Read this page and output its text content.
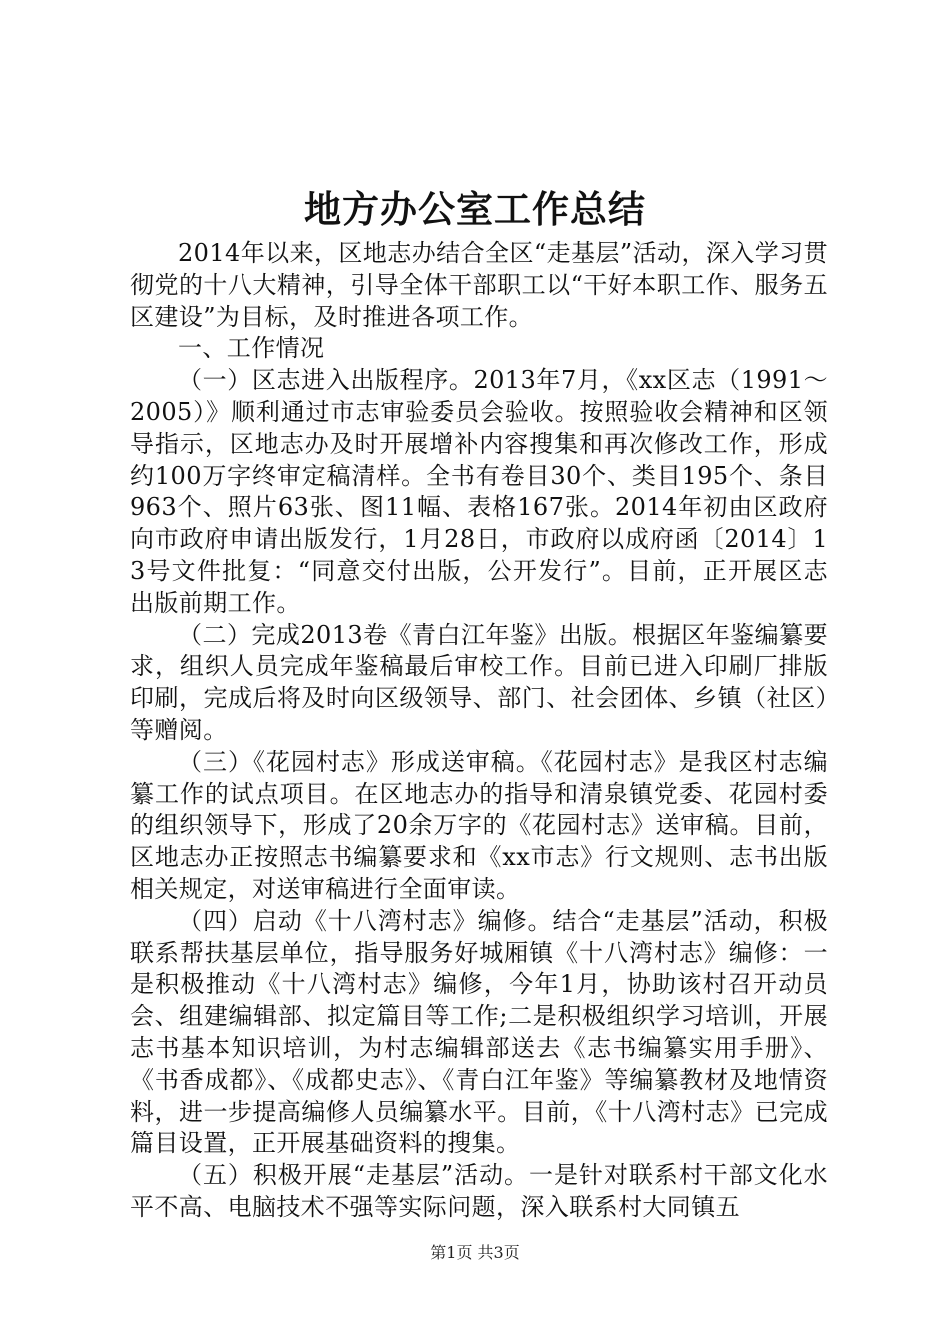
地方办公室工作总结

2014年以来，区地志办结合全区“走基层”活动，深入学习贯彻党的十八大精神，引导全体干部职工以“干好本职工作、服务五区建设”为目标，及时推进各项工作。

一、工作情况

（一）区志进入出版程序。2013年7月，《xx区志（1991～2005）》顺利通过市志审验委员会验收。按照验收会精神和区领导指示，区地志办及时开展增补内容搜集和再次修改工作，形成约100万字终审定稿清样。全书有卷目30个、类目195个、条目963个、照片63张、图11幅、表格167张。2014年初由区政府向市政府申请出版发行，1月28日，市政府以成府函〔2014〕13号文件批复：“同意交付出版，公开发行”。目前，正开展区志出版前期工作。

（二）完成2013卷《青白江年鉴》出版。根据区年鉴编纂要求，组织人员完成年鉴稿最后审校工作。目前已进入印刷厂排版印刷，完成后将及时向区级领导、部门、社会团体、乡镇（社区）等赠阅。

（三）《花园村志》形成送审稿。《花园村志》是我区村志编纂工作的试点项目。在区地志办的指导和清泉镇党委、花园村委的组织领导下，形成了20余万字的《花园村志》送审稿。目前，区地志办正按照志书编纂要求和《xx市志》行文规则、志书出版相关规定，对送审稿进行全面审读。

（四）启动《十八湾村志》编修。结合“走基层”活动，积极联系帮扶基层单位，指导服务好城厢镇《十八湾村志》编修：一是积极推动《十八湾村志》编修，今年1月，协助该村召开动员会、组建编辑部、拟定篇目等工作;二是积极组织学习培训，开展志书基本知识培训，为村志编辑部送去《志书编纂实用手册》、《书香成都》、《成都史志》、《青白江年鉴》等编纂教材及地情资料，进一步提高编修人员编纂水平。目前，《十八湾村志》已完成篇目设置，正开展基础资料的搜集。

（五）积极开展“走基层”活动。一是针对联系村干部文化水平不高、电脑技术不强等实际问题，深入联系村大同镇五

第1页 共3页
